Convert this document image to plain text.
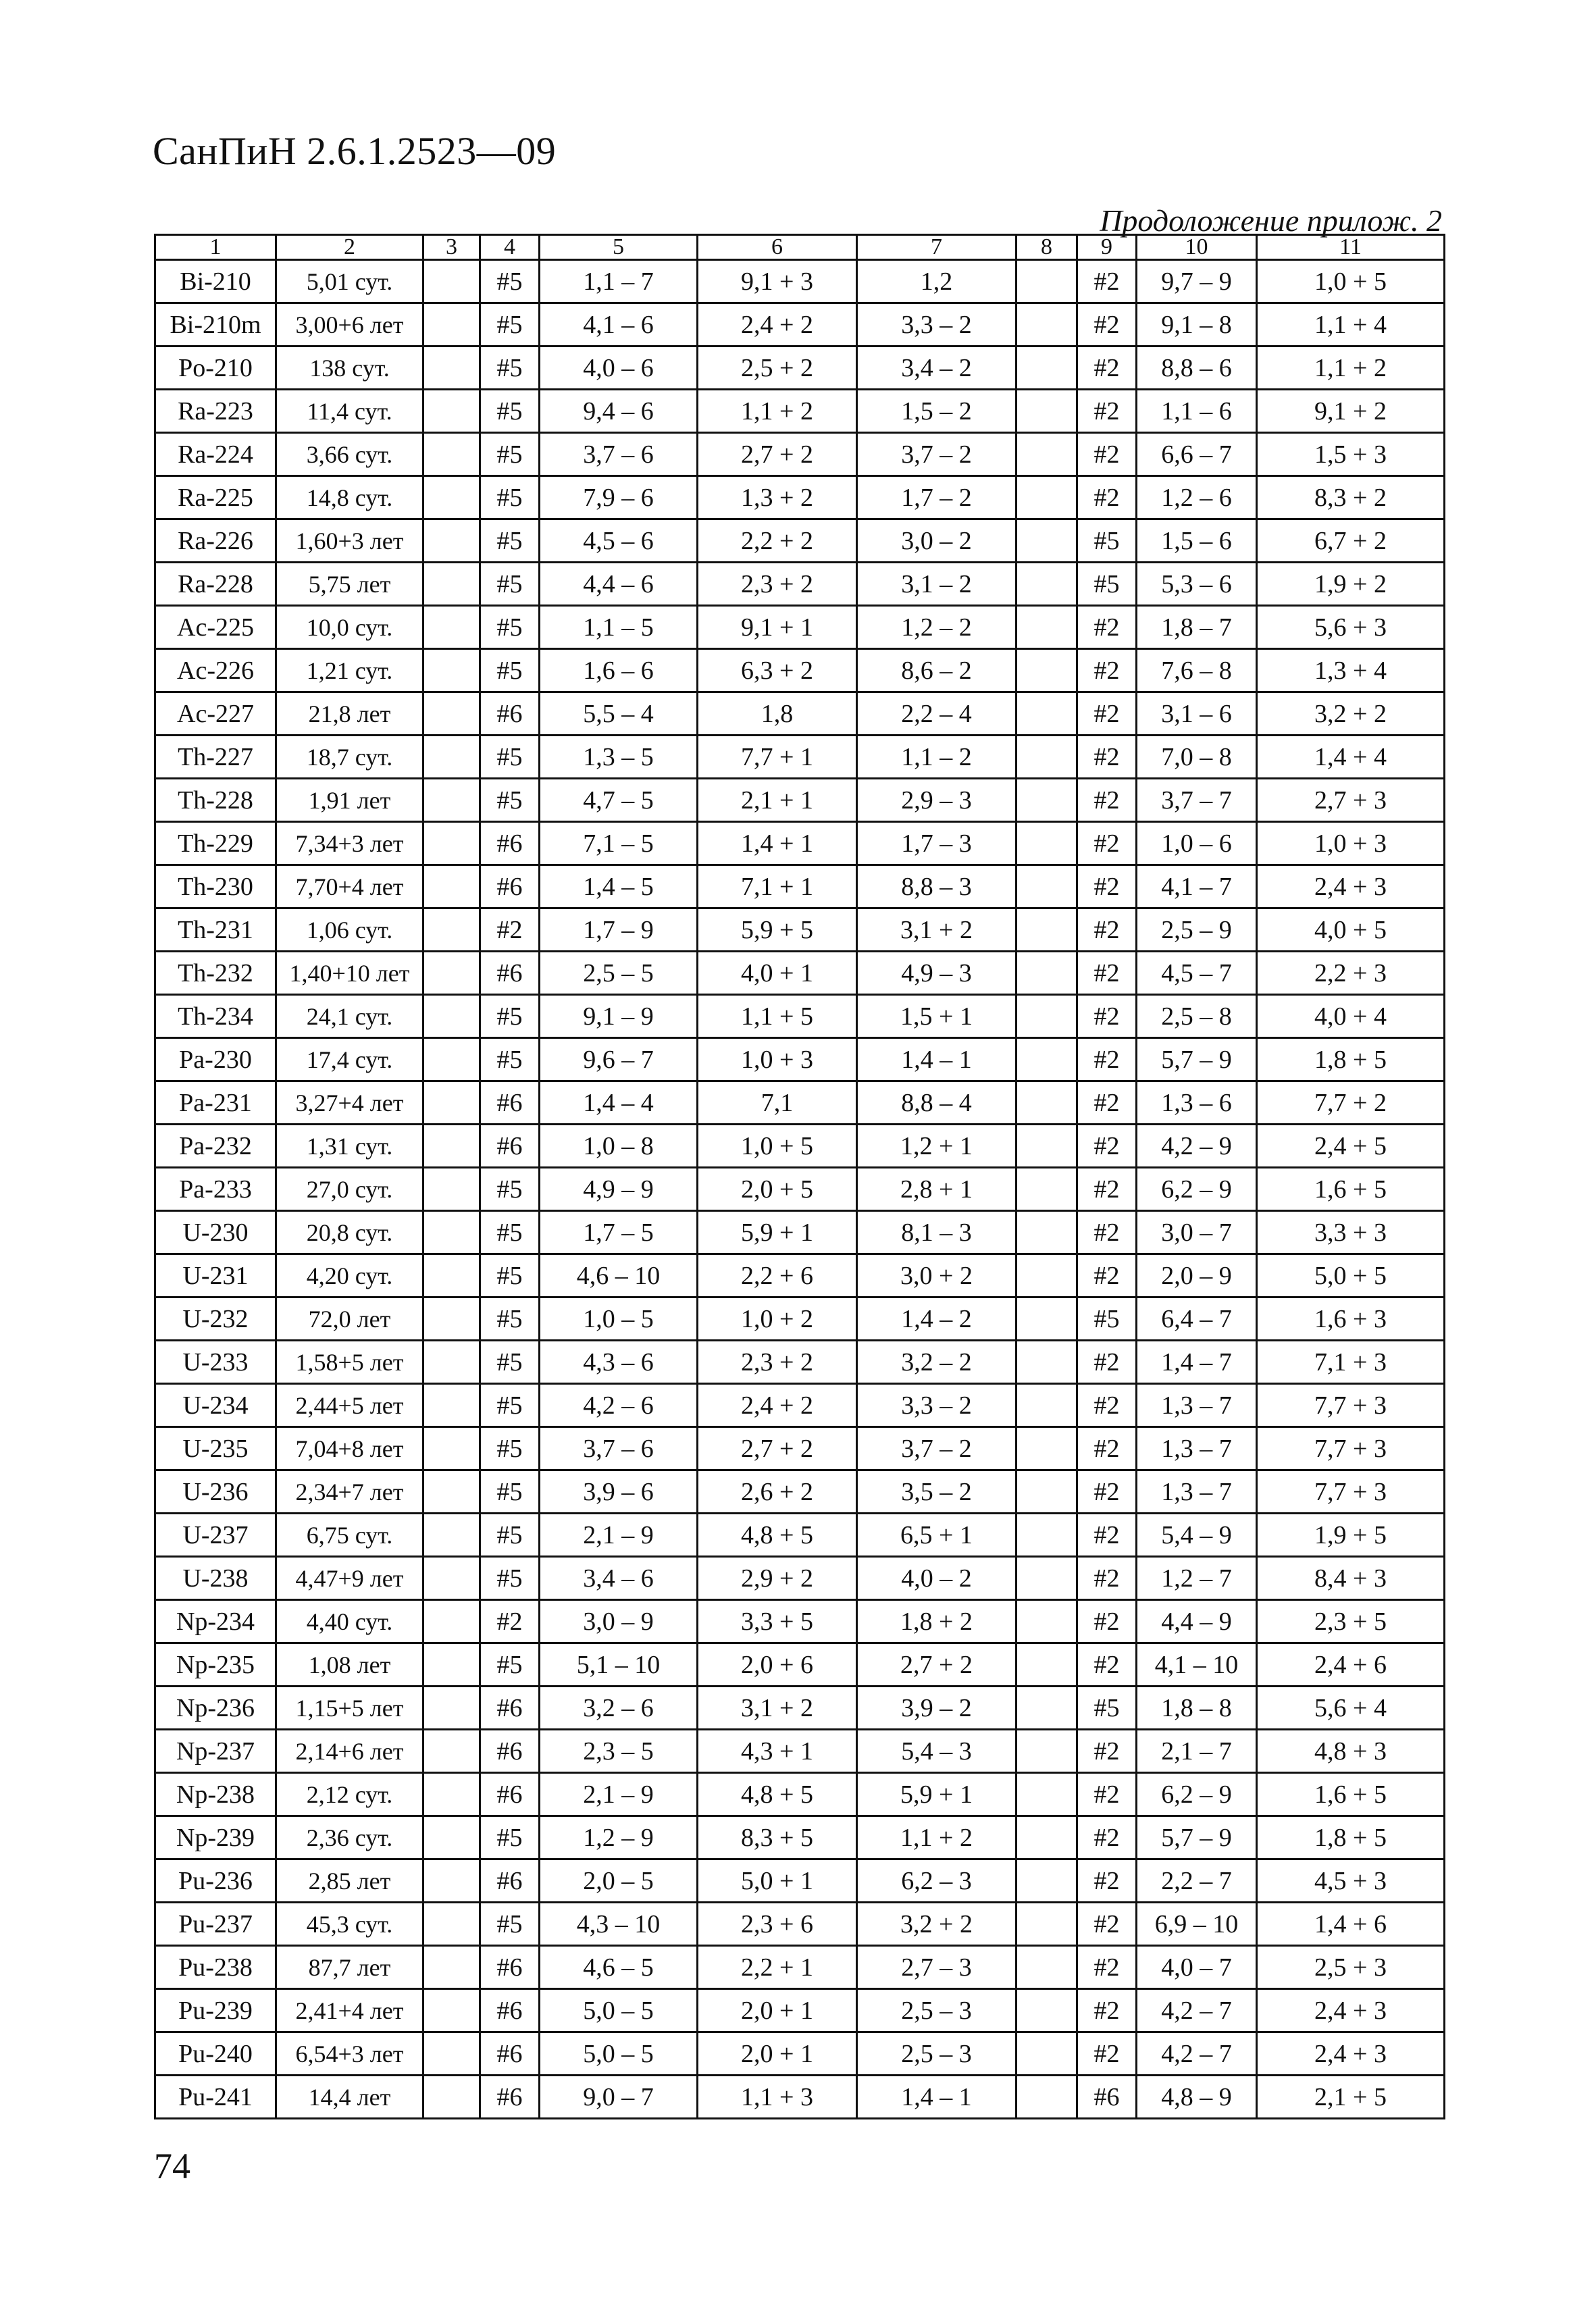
СанПиН 2.6.1.2523—09
Продоложение прилож. 2
1	2	3	4	5	6	7	8	9	10	11
Bi-210	5,01 сут.		#5	1,1 – 7	9,1 + 3	1,2		#2	9,7 – 9	1,0 + 5
Bi-210m	3,00+6 лет		#5	4,1 – 6	2,4 + 2	3,3 – 2		#2	9,1 – 8	1,1 + 4
Po-210	138 сут.		#5	4,0 – 6	2,5 + 2	3,4 – 2		#2	8,8 – 6	1,1 + 2
Ra-223	11,4 сут.		#5	9,4 – 6	1,1 + 2	1,5 – 2		#2	1,1 – 6	9,1 + 2
Ra-224	3,66 сут.		#5	3,7 – 6	2,7 + 2	3,7 – 2		#2	6,6 – 7	1,5 + 3
Ra-225	14,8 сут.		#5	7,9 – 6	1,3 + 2	1,7 – 2		#2	1,2 – 6	8,3 + 2
Ra-226	1,60+3 лет		#5	4,5 – 6	2,2 + 2	3,0 – 2		#5	1,5 – 6	6,7 + 2
Ra-228	5,75 лет		#5	4,4 – 6	2,3 + 2	3,1 – 2		#5	5,3 – 6	1,9 + 2
Ac-225	10,0 сут.		#5	1,1 – 5	9,1 + 1	1,2 – 2		#2	1,8 – 7	5,6 + 3
Ac-226	1,21 сут.		#5	1,6 – 6	6,3 + 2	8,6 – 2		#2	7,6 – 8	1,3 + 4
Ac-227	21,8 лет		#6	5,5 – 4	1,8	2,2 – 4		#2	3,1 – 6	3,2 + 2
Th-227	18,7 сут.		#5	1,3 – 5	7,7 + 1	1,1 – 2		#2	7,0 – 8	1,4 + 4
Th-228	1,91 лет		#5	4,7 – 5	2,1 + 1	2,9 – 3		#2	3,7 – 7	2,7 + 3
Th-229	7,34+3 лет		#6	7,1 – 5	1,4 + 1	1,7 – 3		#2	1,0 – 6	1,0 + 3
Th-230	7,70+4 лет		#6	1,4 – 5	7,1 + 1	8,8 – 3		#2	4,1 – 7	2,4 + 3
Th-231	1,06 сут.		#2	1,7 – 9	5,9 + 5	3,1 + 2		#2	2,5 – 9	4,0 + 5
Th-232	1,40+10 лет		#6	2,5 – 5	4,0 + 1	4,9 – 3		#2	4,5 – 7	2,2 + 3
Th-234	24,1 сут.		#5	9,1 – 9	1,1 + 5	1,5 + 1		#2	2,5 – 8	4,0 + 4
Pa-230	17,4 сут.		#5	9,6 – 7	1,0 + 3	1,4 – 1		#2	5,7 – 9	1,8 + 5
Pa-231	3,27+4 лет		#6	1,4 – 4	7,1	8,8 – 4		#2	1,3 – 6	7,7 + 2
Pa-232	1,31 сут.		#6	1,0 – 8	1,0 + 5	1,2 + 1		#2	4,2 – 9	2,4 + 5
Pa-233	27,0 сут.		#5	4,9 – 9	2,0 + 5	2,8 + 1		#2	6,2 – 9	1,6 + 5
U-230	20,8 сут.		#5	1,7 – 5	5,9 + 1	8,1 – 3		#2	3,0 – 7	3,3 + 3
U-231	4,20 сут.		#5	4,6 – 10	2,2 + 6	3,0 + 2		#2	2,0 – 9	5,0 + 5
U-232	72,0 лет		#5	1,0 – 5	1,0 + 2	1,4 – 2		#5	6,4 – 7	1,6 + 3
U-233	1,58+5 лет		#5	4,3 – 6	2,3 + 2	3,2 – 2		#2	1,4 – 7	7,1 + 3
U-234	2,44+5 лет		#5	4,2 – 6	2,4 + 2	3,3 – 2		#2	1,3 – 7	7,7 + 3
U-235	7,04+8 лет		#5	3,7 – 6	2,7 + 2	3,7 – 2		#2	1,3 – 7	7,7 + 3
U-236	2,34+7 лет		#5	3,9 – 6	2,6 + 2	3,5 – 2		#2	1,3 – 7	7,7 + 3
U-237	6,75 сут.		#5	2,1 – 9	4,8 + 5	6,5 + 1		#2	5,4 – 9	1,9 + 5
U-238	4,47+9 лет		#5	3,4 – 6	2,9 + 2	4,0 – 2		#2	1,2 – 7	8,4 + 3
Np-234	4,40 сут.		#2	3,0 – 9	3,3 + 5	1,8 + 2		#2	4,4 – 9	2,3 + 5
Np-235	1,08 лет		#5	5,1 – 10	2,0 + 6	2,7 + 2		#2	4,1 – 10	2,4 + 6
Np-236	1,15+5 лет		#6	3,2 – 6	3,1 + 2	3,9 – 2		#5	1,8 – 8	5,6 + 4
Np-237	2,14+6 лет		#6	2,3 – 5	4,3 + 1	5,4 – 3		#2	2,1 – 7	4,8 + 3
Np-238	2,12 сут.		#6	2,1 – 9	4,8 + 5	5,9 + 1		#2	6,2 – 9	1,6 + 5
Np-239	2,36 сут.		#5	1,2 – 9	8,3 + 5	1,1 + 2		#2	5,7 – 9	1,8 + 5
Pu-236	2,85 лет		#6	2,0 – 5	5,0 + 1	6,2 – 3		#2	2,2 – 7	4,5 + 3
Pu-237	45,3 сут.		#5	4,3 – 10	2,3 + 6	3,2 + 2		#2	6,9 – 10	1,4 + 6
Pu-238	87,7 лет		#6	4,6 – 5	2,2 + 1	2,7 – 3		#2	4,0 – 7	2,5 + 3
Pu-239	2,41+4 лет		#6	5,0 – 5	2,0 + 1	2,5 – 3		#2	4,2 – 7	2,4 + 3
Pu-240	6,54+3 лет		#6	5,0 – 5	2,0 + 1	2,5 – 3		#2	4,2 – 7	2,4 + 3
Pu-241	14,4 лет		#6	9,0 – 7	1,1 + 3	1,4 – 1		#6	4,8 – 9	2,1 + 5
74
